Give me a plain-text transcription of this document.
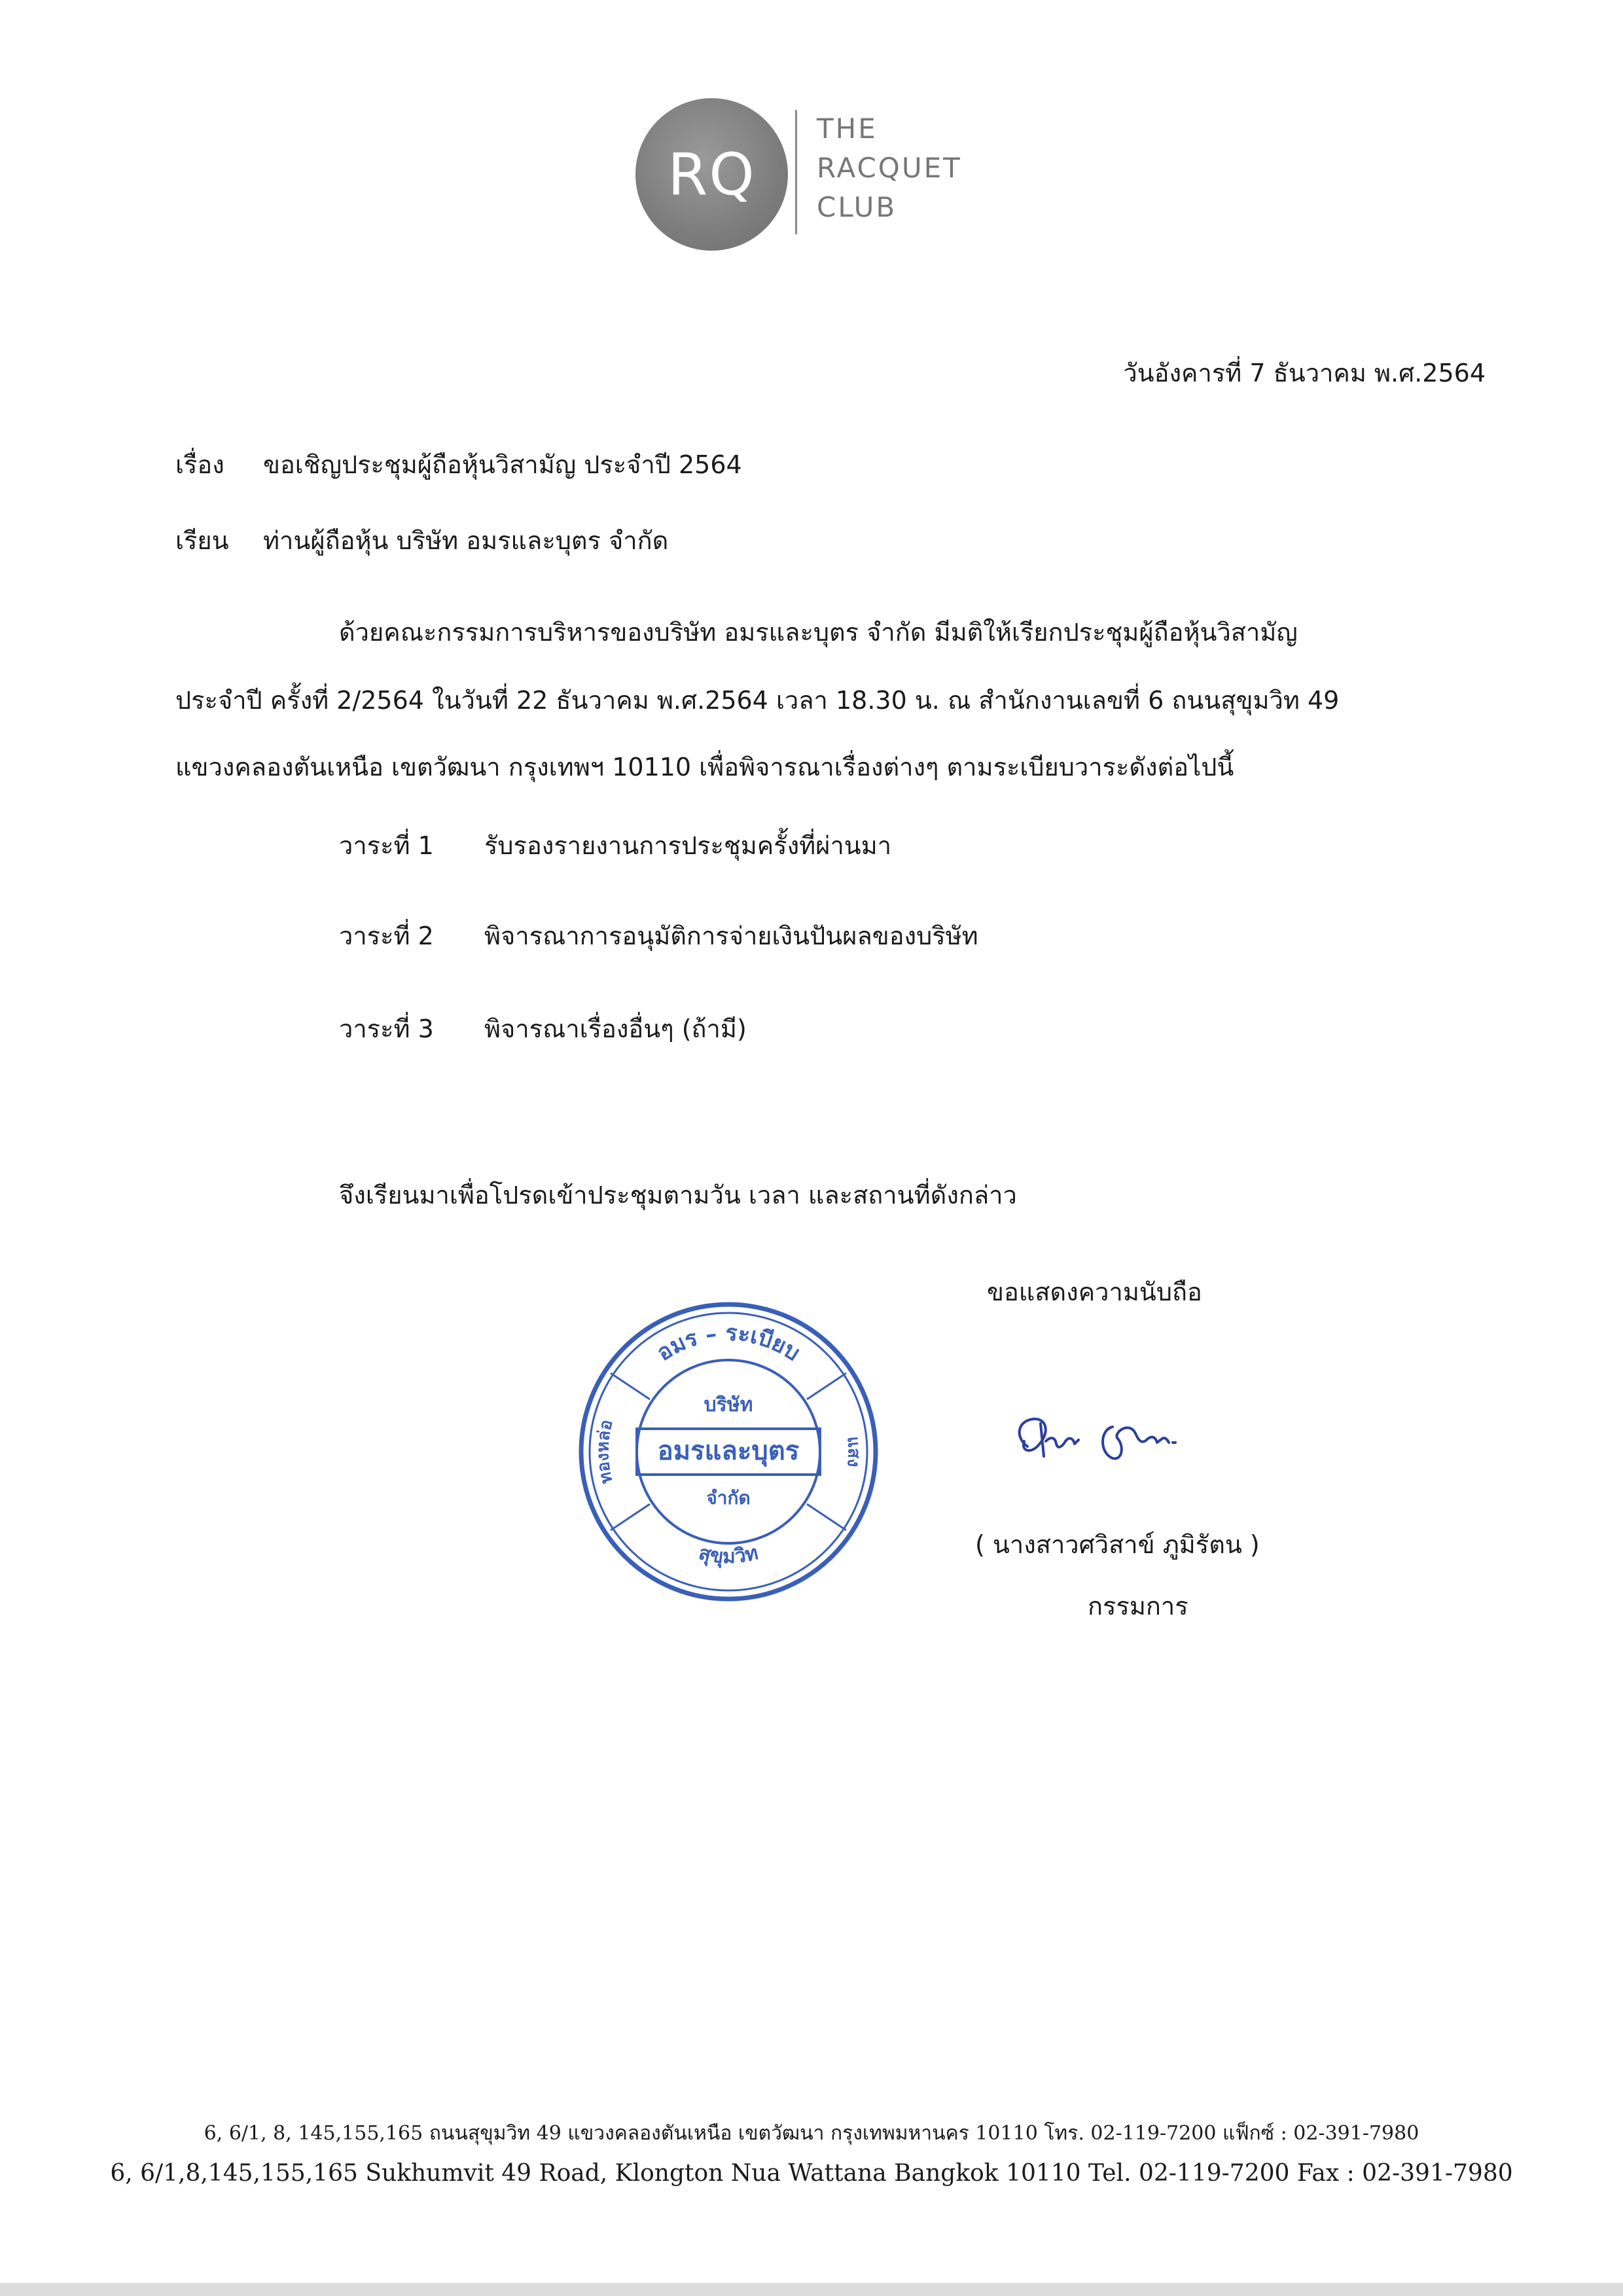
RQ
THE
RACQUET
CLUB
วันอังคารที่ 7 ธันวาคม พ.ศ.2564
เรื่อง ขอเชิญประชุมผู้ถือหุ้นวิสามัญ ประจำปี 2564
เรียน ท่านผู้ถือหุ้น บริษัท อมรและบุตร จำกัด
ด้วยคณะกรรมการบริหารของบริษัท อมรและบุตร จำกัด มีมติให้เรียกประชุมผู้ถือหุ้นวิสามัญ
ประจำปี ครั้งที่ 2/2564 ในวันที่ 22 ธันวาคม พ.ศ.2564 เวลา 18.30 น. ณ สำนักงานเลขที่ 6 ถนนสุขุมวิท 49
แขวงคลองตันเหนือ เขตวัฒนา กรุงเทพฯ 10110 เพื่อพิจารณาเรื่องต่างๆ ตามระเบียบวาระดังต่อไปนี้
วาระที่ 1 รับรองรายงานการประชุมครั้งที่ผ่านมา
วาระที่ 2 พิจารณาการอนุมัติการจ่ายเงินปันผลของบริษัท
วาระที่ 3 พิจารณาเรื่องอื่นๆ (ถ้ามี)
จึงเรียนมาเพื่อโปรดเข้าประชุมตามวัน เวลา และสถานที่ดังกล่าว
ขอแสดงความนับถือ
อมร – ระเบียบ
สุขุมวิท
ทองหล่อ
แสง
บริษัท
อมรและบุตร
จำกัด
( นางสาวศวิสาข์ ภูมิรัตน )
กรรมการ
6, 6/1, 8, 145,155,165 ถนนสุขุมวิท 49 แขวงคลองตันเหนือ เขตวัฒนา กรุงเทพมหานคร 10110 โทร. 02-119-7200 แฟ็กซ์ : 02-391-7980
6, 6/1,8,145,155,165 Sukhumvit 49 Road, Klongton Nua Wattana Bangkok 10110 Tel. 02-119-7200 Fax : 02-391-7980
